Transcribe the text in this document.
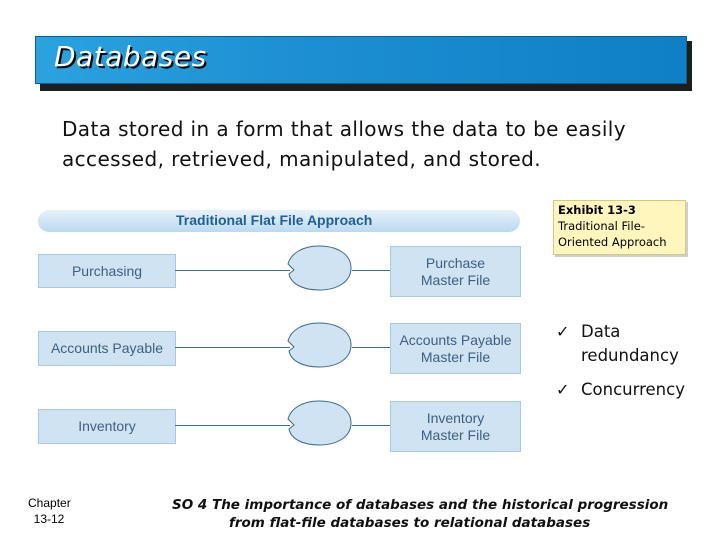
Databases
Data stored in a form that allows the data to be easily
accessed, retrieved, manipulated, and stored.
Traditional Flat File Approach
Purchasing	Purchase
Master File
Accounts Payable
Accounts Payable
Master File
Inventory
Inventory
Master File
Exhibit 13-3
Traditional File-
Oriented Approach
✓ Data
redundancy
✓ Concurrency
Chapter
13-12
SO 4 The importance of databases and the historical progression
from flat-file databases to relational databases
